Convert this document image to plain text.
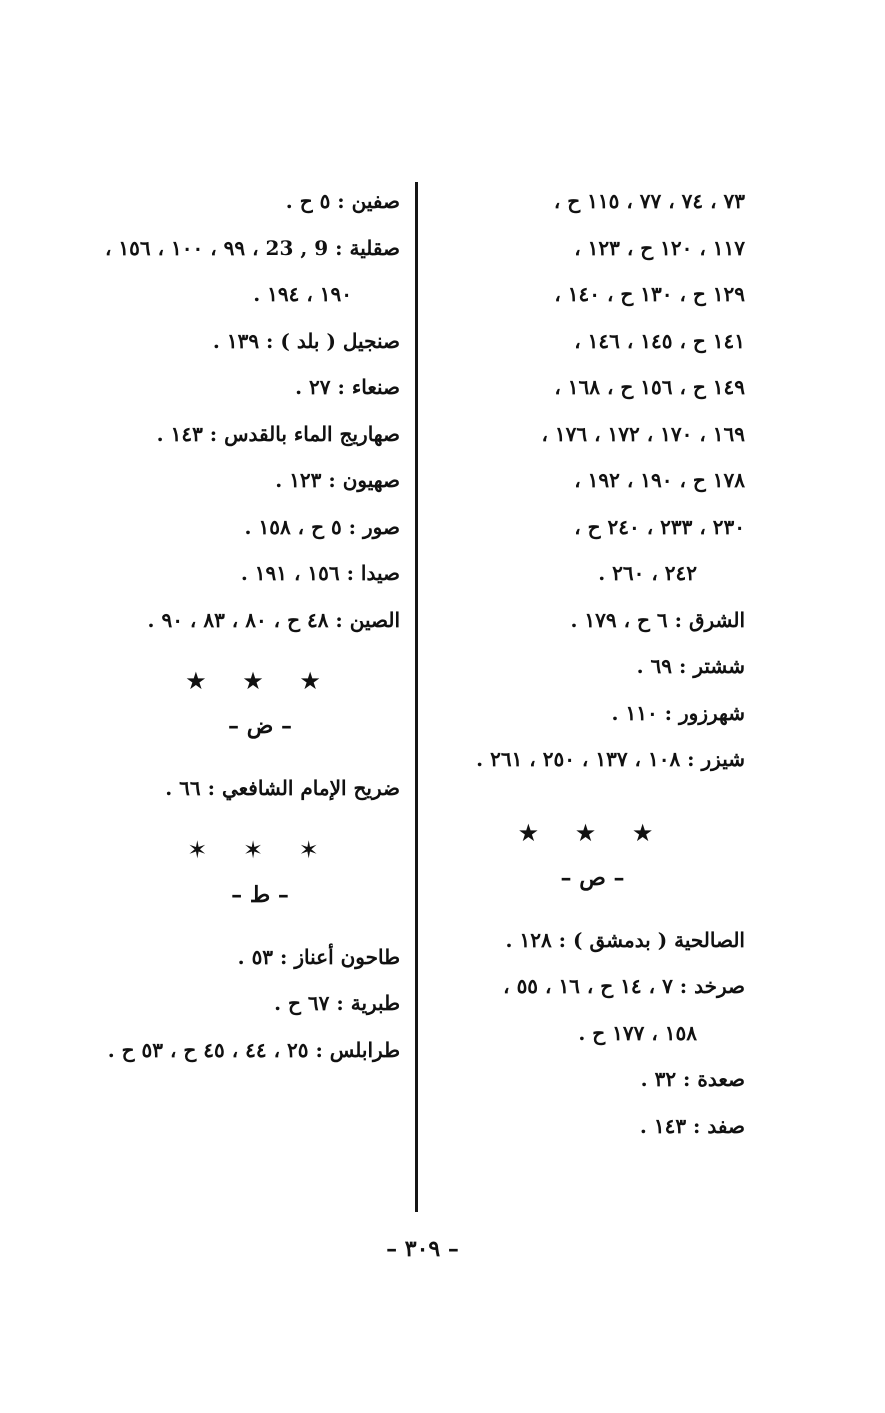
٧٣ ، ٧٤ ، ٧٧ ، ١١٥ ح ،
١١٧ ، ١٢٠ ح ، ١٢٣ ،
١٢٩ ح ، ١٣٠ ح ، ١٤٠ ،
١٤١ ح ، ١٤٥ ، ١٤٦ ،
١٤٩ ح ، ١٥٦ ح ، ١٦٨ ،
١٦٩ ، ١٧٠ ، ١٧٢ ، ١٧٦ ،
١٧٨ ح ، ١٩٠ ، ١٩٢ ،
٢٣٠ ، ٢٣٣ ، ٢٤٠ ح ،
٢٤٢ ، ٢٦٠ .
الشرق : ٦ ح ، ١٧٩ .
ششتر : ٦٩ .
شهرزور : ١١٠ .
شيزر : ١٠٨ ، ١٣٧ ، ٢٥٠ ، ٢٦١ .
★ ★ ★
– ص –
الصالحية ( بدمشق ) : ١٢٨ .
صرخد : ٧ ، ١٤ ح ، ١٦ ، ٥٥ ،
١٥٨ ، ١٧٧ ح .
صعدة : ٣٢ .
صفد : ١٤٣ .
صفين : ٥ ح .
صقلية : 9 , 23 ، ٩٩ ، ١٠٠ ، ١٥٦ ،
١٩٠ ، ١٩٤ .
صنجيل ( بلد ) : ١٣٩ .
صنعاء : ٢٧ .
صهاريج الماء بالقدس : ١٤٣ .
صهيون : ١٢٣ .
صور : ٥ ح ، ١٥٨ .
صيدا : ١٥٦ ، ١٩١ .
الصين : ٤٨ ح ، ٨٠ ، ٨٣ ، ٩٠ .
★ ★ ★
– ض –
ضريح الإمام الشافعي : ٦٦ .
✶ ✶ ✶
– ط –
طاحون أعناز : ٥٣ .
طبرية : ٦٧ ح .
طرابلس : ٢٥ ، ٤٤ ، ٤٥ ح ، ٥٣ ح .
– ٣٠٩ –
